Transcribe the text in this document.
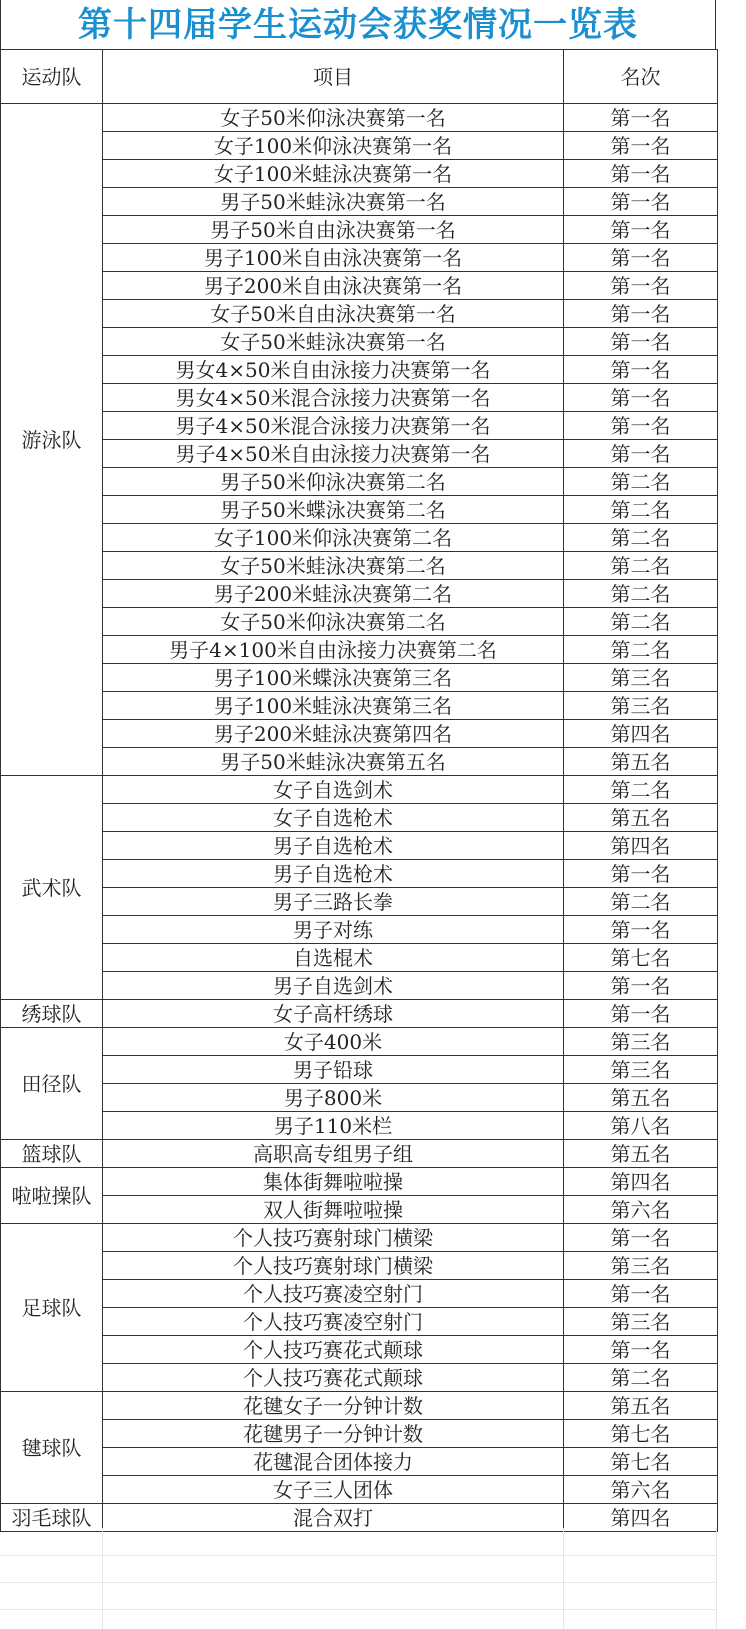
第十四届学生运动会获奖情况一览表
运动队	项目	名次
游泳队	女子50米仰泳决赛第一名	第一名
	女子100米仰泳决赛第一名	第一名
	女子100米蛙泳决赛第一名	第一名
	男子50米蛙泳决赛第一名	第一名
	男子50米自由泳决赛第一名	第一名
	男子100米自由泳决赛第一名	第一名
	男子200米自由泳决赛第一名	第一名
	女子50米自由泳决赛第一名	第一名
	女子50米蛙泳决赛第一名	第一名
	男女4×50米自由泳接力决赛第一名	第一名
	男女4×50米混合泳接力决赛第一名	第一名
	男子4×50米混合泳接力决赛第一名	第一名
	男子4×50米自由泳接力决赛第一名	第一名
	男子50米仰泳决赛第二名	第二名
	男子50米蝶泳决赛第二名	第二名
	女子100米仰泳决赛第二名	第二名
	女子50米蛙泳决赛第二名	第二名
	男子200米蛙泳决赛第二名	第二名
	女子50米仰泳决赛第二名	第二名
	男子4×100米自由泳接力决赛第二名	第二名
	男子100米蝶泳决赛第三名	第三名
	男子100米蛙泳决赛第三名	第三名
	男子200米蛙泳决赛第四名	第四名
	男子50米蛙泳决赛第五名	第五名
武术队	女子自选剑术	第二名
	女子自选枪术	第五名
	男子自选枪术	第四名
	男子自选枪术	第一名
	男子三路长拳	第二名
	男子对练	第一名
	自选棍术	第七名
	男子自选剑术	第一名
绣球队	女子高杆绣球	第一名
田径队	女子400米	第三名
	男子铅球	第三名
	男子800米	第五名
	男子110米栏	第八名
篮球队	高职高专组男子组	第五名
啦啦操队	集体街舞啦啦操	第四名
	双人街舞啦啦操	第六名
足球队	个人技巧赛射球门横梁	第一名
	个人技巧赛射球门横梁	第三名
	个人技巧赛凌空射门	第一名
	个人技巧赛凌空射门	第三名
	个人技巧赛花式颠球	第一名
	个人技巧赛花式颠球	第二名
毽球队	花毽女子一分钟计数	第五名
	花毽男子一分钟计数	第七名
	花毽混合团体接力	第七名
	女子三人团体	第六名
羽毛球队	混合双打	第四名
